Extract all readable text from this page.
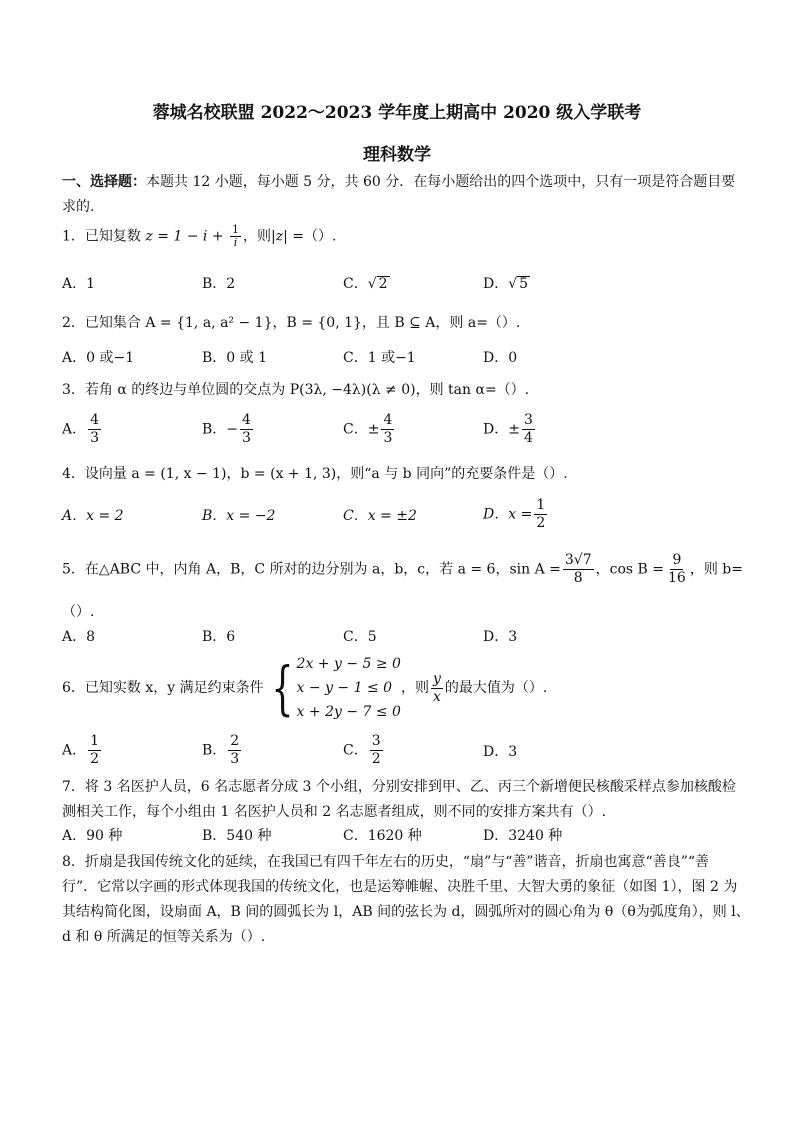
蓉城名校联盟 2022～2023 学年度上期高中 2020 级入学联考
理科数学
一、选择题：本题共 12 小题，每小题 5 分，共 60 分．在每小题给出的四个选项中，只有一项是符合题目要
求的.
1．已知复数 $z = 1 - i + \frac{1}{i}$ ，则|z| =（）.
A．1	B．2	C．√ 2	D．√ 5
2．已知集合 A = {1, a, a² − 1}，B = {0, 1}，且 B ⊆ A，则 a=（）.
A．0 或−1	B．0 或 1	C．1 或−1	D．0
3．若角 α 的终边与单位圆的交点为 P(3λ, −4λ)(λ ≠ 0)，则 tan α=（）.
A． $\frac{4}{3}$	B．− $\frac{4}{3}$	C．± $\frac{4}{3}$	D．± $\frac{3}{4}$
4．设向量 a = (1, x − 1)，b = (x + 1, 3)，则“a 与 b 同向”的充要条件是（）.
A．x = 2	B．x = −2	C．x = ±2	D．$x = \frac{1}{2}$
5．在△ABC 中，内角 A，B，C 所对的边分别为 a，b，c，若 a = 6，$\sin A = \frac{3√7}{8}$ ，$\cos B = \frac{9}{16}$ ，则 b=
（）.
A．8	B．6	C．5	D．3
6． 已知实数 x，y 满足约束条件 { 2x + y − 5 ≥ 0
x − y − 1 ≤ 0
x + 2y − 7 ≤ 0
，则 $\frac{y}{x}$ 的最大值为（）.
A． $\frac{1}{2}$	B． $\frac{2}{3}$	C． $\frac{3}{2}$	D．3
7．将 3 名医护人员，6 名志愿者分成 3 个小组，分别安排到甲、乙、丙三个新增便民核酸采样点参加核酸检
测相关工作，每个小组由 1 名医护人员和 2 名志愿者组成，则不同的安排方案共有（）.
A．90 种	B．540 种	C．1620 种	D．3240 种
8．折扇是我国传统文化的延续，在我国已有四千年左右的历史，“扇”与“善”谐音，折扇也寓意“善良”“善
行”．它常以字画的形式体现我国的传统文化，也是运筹帷幄、决胜千里、大智大勇的象征（如图 1），图 2 为
其结构简化图，设扇面 A，B 间的圆弧长为 l，AB 间的弦长为 d，圆弧所对的圆心角为 θ（θ为弧度角），则 l、
d 和 θ 所满足的恒等关系为（）.
